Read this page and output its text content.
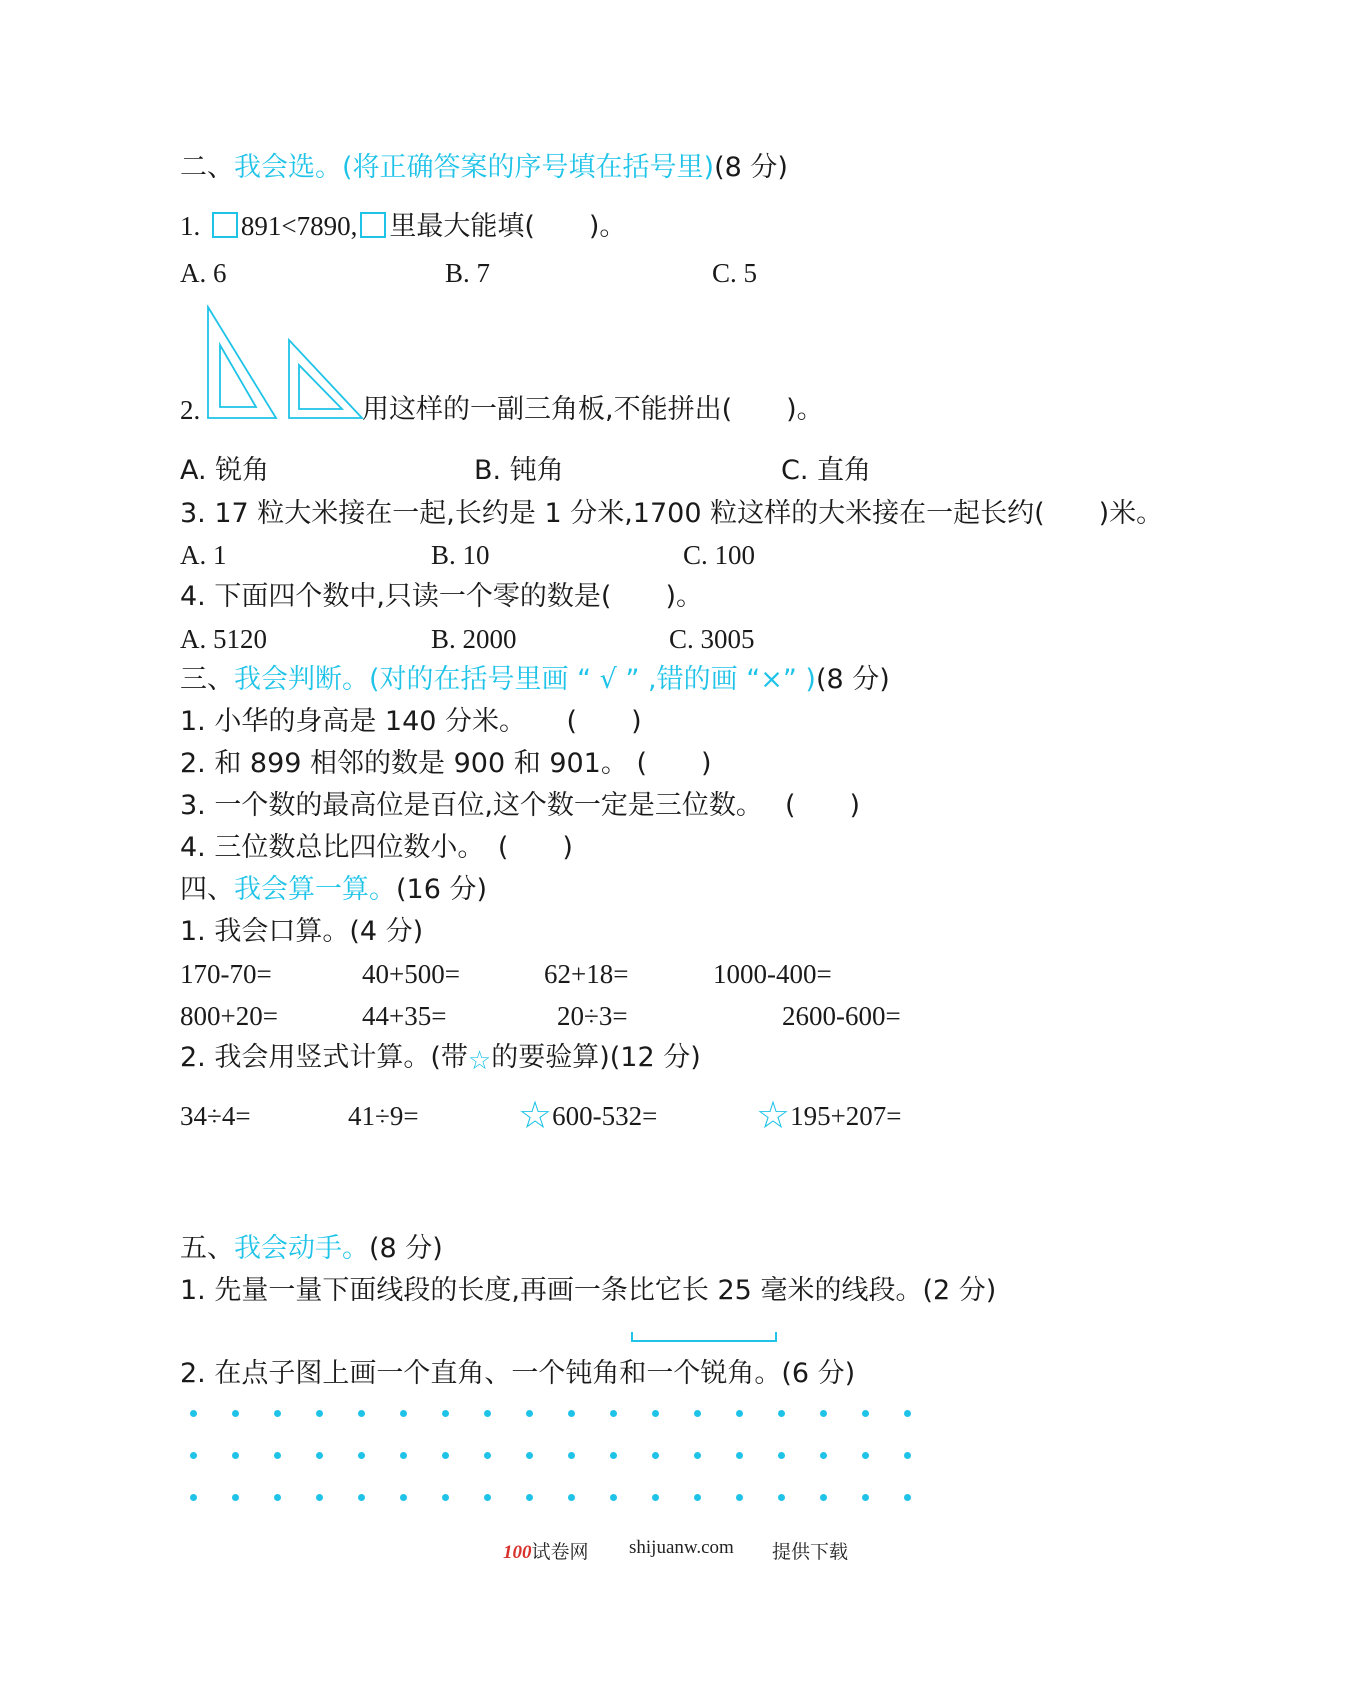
二、我会选。(将正确答案的序号填在括号里)(8 分)
1. 891<7890, 里最大能填(　　)。
A. 6	B. 7	C. 5
2.	用这样的一副三角板,不能拼出(　　)。
A. 锐角	B. 钝角	C. 直角
3. 17 粒大米接在一起,长约是 1 分米,1700 粒这样的大米接在一起长约(　　)米。
A. 1	B. 10	C. 100
4. 下面四个数中,只读一个零的数是(　　)。
A. 5120	B. 2000	C. 3005
三、我会判断。(对的在括号里画 “ √ ” ,错的画 “×” )(8 分)
1. 小华的身高是 140 分米。　　(　　)
2. 和 899 相邻的数是 900 和 901。 (　　)
3. 一个数的最高位是百位,这个数一定是三位数。　 (　　)
4. 三位数总比四位数小。　(　　)
四、我会算一算。(16 分)
1. 我会口算。(4 分)
170-70=	40+500=	62+18=	1000-400=
800+20=	44+35=	20÷3=	2600-600=
2. 我会用竖式计算。(带☆的要验算)(12 分)
34÷4=	41÷9=	☆600-532=	☆195+207=
五、我会动手。(8 分)
1. 先量一量下面线段的长度,再画一条比它长 25 毫米的线段。(2 分)
2. 在点子图上画一个直角、一个钝角和一个锐角。(6 分)
100试卷网 shijuanw.com 提供下载
